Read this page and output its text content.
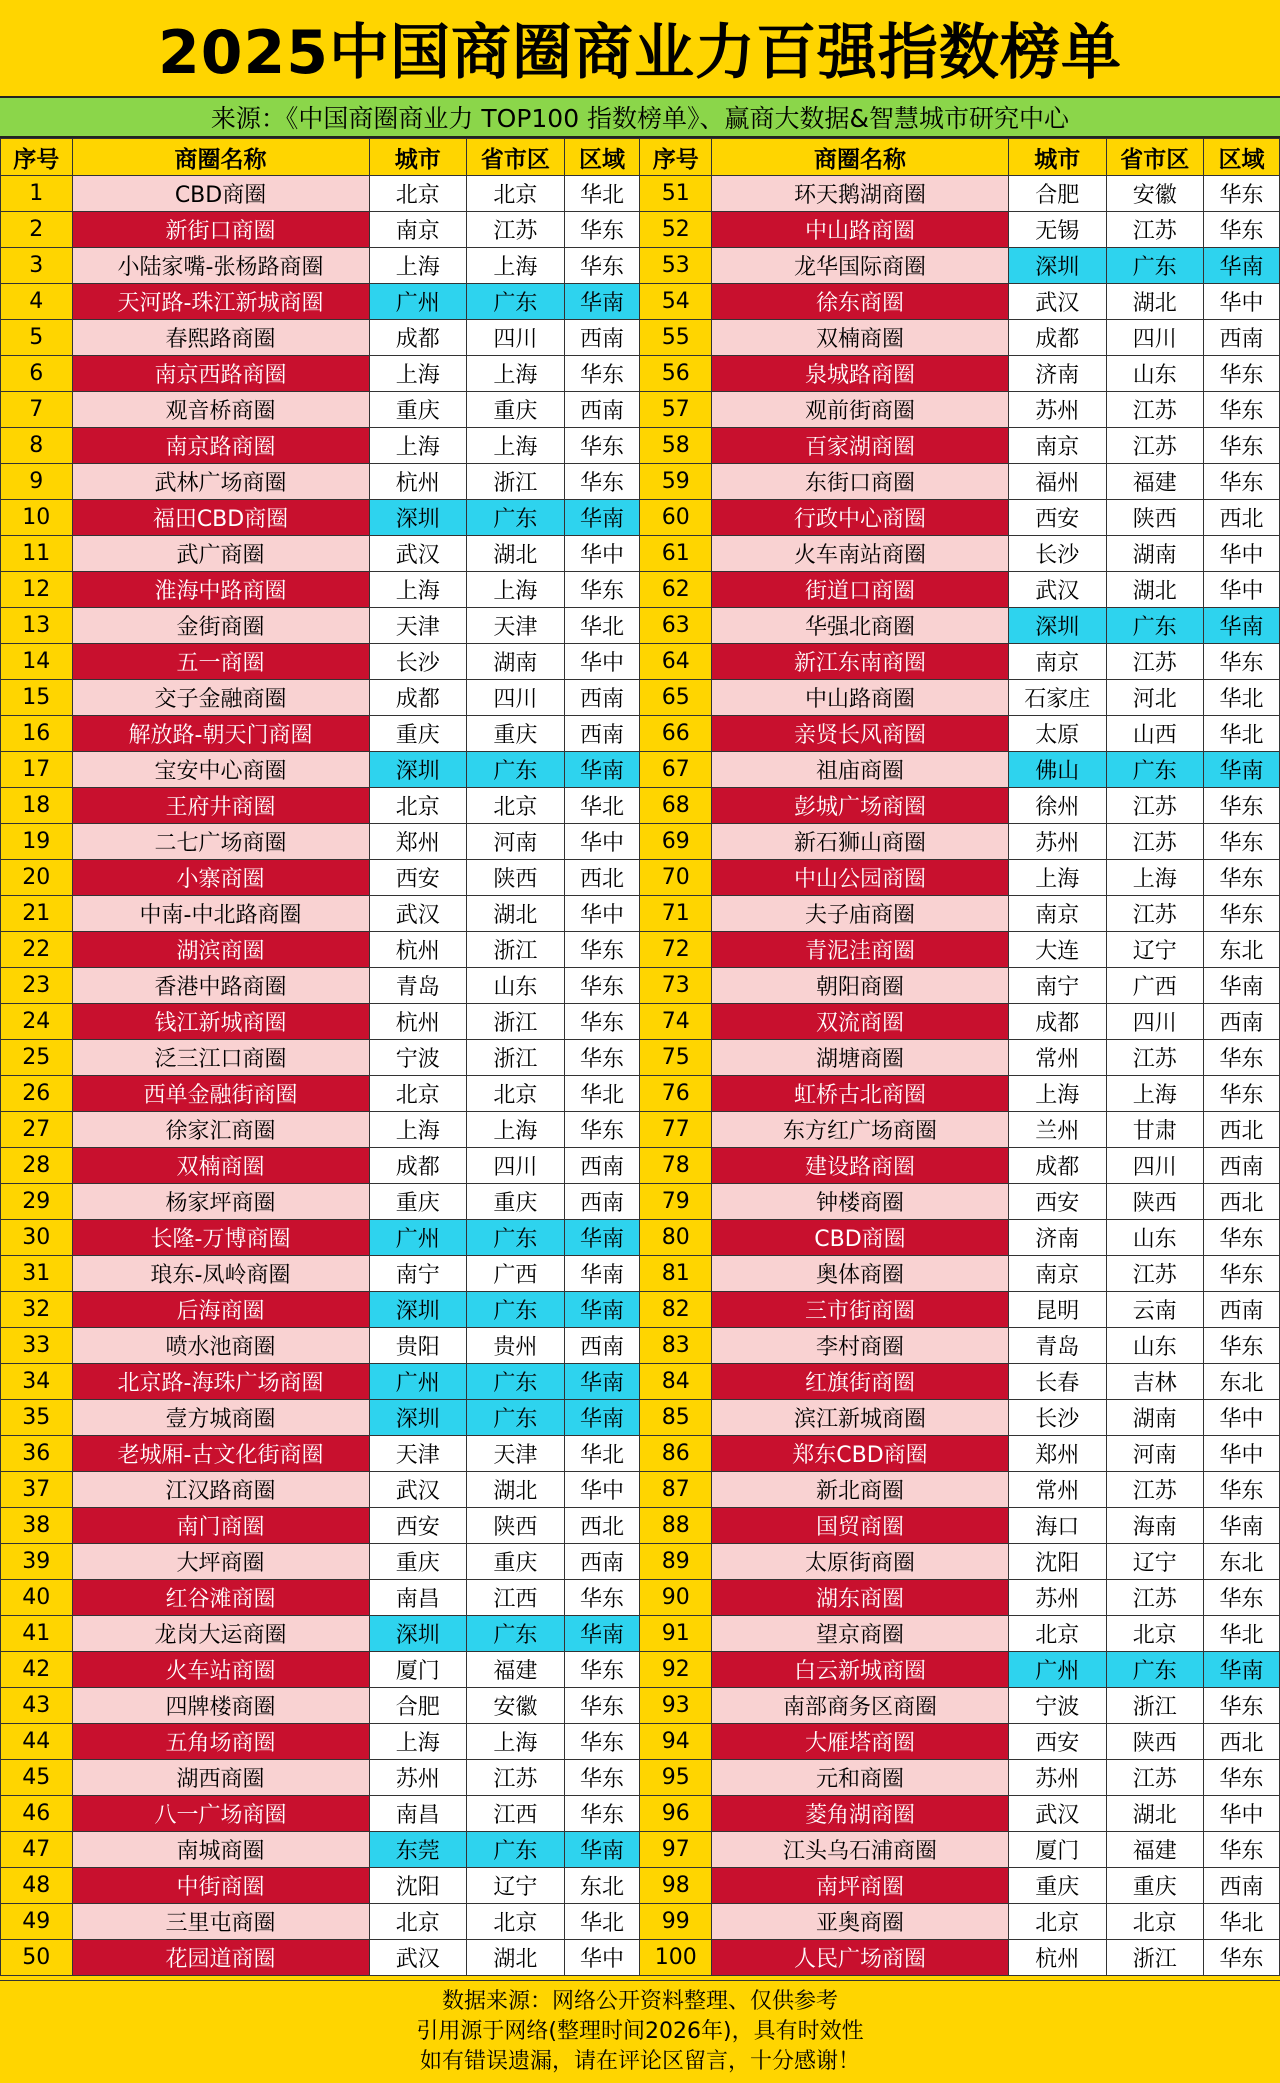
2025中国商圈商业力百强指数榜单
来源：《中国商圈商业力 TOP100 指数榜单》、赢商大数据&智慧城市研究中心
序号	商圈名称	城市	省市区	区域	序号	商圈名称	城市	省市区	区域
1	CBD商圈	北京	北京	华北	51	环天鹅湖商圈	合肥	安徽	华东
2	新街口商圈	南京	江苏	华东	52	中山路商圈	无锡	江苏	华东
3	小陆家嘴-张杨路商圈	上海	上海	华东	53	龙华国际商圈	深圳	广东	华南
4	天河路-珠江新城商圈	广州	广东	华南	54	徐东商圈	武汉	湖北	华中
5	春熙路商圈	成都	四川	西南	55	双楠商圈	成都	四川	西南
6	南京西路商圈	上海	上海	华东	56	泉城路商圈	济南	山东	华东
7	观音桥商圈	重庆	重庆	西南	57	观前街商圈	苏州	江苏	华东
8	南京路商圈	上海	上海	华东	58	百家湖商圈	南京	江苏	华东
9	武林广场商圈	杭州	浙江	华东	59	东街口商圈	福州	福建	华东
10	福田CBD商圈	深圳	广东	华南	60	行政中心商圈	西安	陕西	西北
11	武广商圈	武汉	湖北	华中	61	火车南站商圈	长沙	湖南	华中
12	淮海中路商圈	上海	上海	华东	62	街道口商圈	武汉	湖北	华中
13	金街商圈	天津	天津	华北	63	华强北商圈	深圳	广东	华南
14	五一商圈	长沙	湖南	华中	64	新江东南商圈	南京	江苏	华东
15	交子金融商圈	成都	四川	西南	65	中山路商圈	石家庄	河北	华北
16	解放路-朝天门商圈	重庆	重庆	西南	66	亲贤长风商圈	太原	山西	华北
17	宝安中心商圈	深圳	广东	华南	67	祖庙商圈	佛山	广东	华南
18	王府井商圈	北京	北京	华北	68	彭城广场商圈	徐州	江苏	华东
19	二七广场商圈	郑州	河南	华中	69	新石狮山商圈	苏州	江苏	华东
20	小寨商圈	西安	陕西	西北	70	中山公园商圈	上海	上海	华东
21	中南-中北路商圈	武汉	湖北	华中	71	夫子庙商圈	南京	江苏	华东
22	湖滨商圈	杭州	浙江	华东	72	青泥洼商圈	大连	辽宁	东北
23	香港中路商圈	青岛	山东	华东	73	朝阳商圈	南宁	广西	华南
24	钱江新城商圈	杭州	浙江	华东	74	双流商圈	成都	四川	西南
25	泛三江口商圈	宁波	浙江	华东	75	湖塘商圈	常州	江苏	华东
26	西单金融街商圈	北京	北京	华北	76	虹桥古北商圈	上海	上海	华东
27	徐家汇商圈	上海	上海	华东	77	东方红广场商圈	兰州	甘肃	西北
28	双楠商圈	成都	四川	西南	78	建设路商圈	成都	四川	西南
29	杨家坪商圈	重庆	重庆	西南	79	钟楼商圈	西安	陕西	西北
30	长隆-万博商圈	广州	广东	华南	80	CBD商圈	济南	山东	华东
31	琅东-凤岭商圈	南宁	广西	华南	81	奥体商圈	南京	江苏	华东
32	后海商圈	深圳	广东	华南	82	三市街商圈	昆明	云南	西南
33	喷水池商圈	贵阳	贵州	西南	83	李村商圈	青岛	山东	华东
34	北京路-海珠广场商圈	广州	广东	华南	84	红旗街商圈	长春	吉林	东北
35	壹方城商圈	深圳	广东	华南	85	滨江新城商圈	长沙	湖南	华中
36	老城厢-古文化街商圈	天津	天津	华北	86	郑东CBD商圈	郑州	河南	华中
37	江汉路商圈	武汉	湖北	华中	87	新北商圈	常州	江苏	华东
38	南门商圈	西安	陕西	西北	88	国贸商圈	海口	海南	华南
39	大坪商圈	重庆	重庆	西南	89	太原街商圈	沈阳	辽宁	东北
40	红谷滩商圈	南昌	江西	华东	90	湖东商圈	苏州	江苏	华东
41	龙岗大运商圈	深圳	广东	华南	91	望京商圈	北京	北京	华北
42	火车站商圈	厦门	福建	华东	92	白云新城商圈	广州	广东	华南
43	四牌楼商圈	合肥	安徽	华东	93	南部商务区商圈	宁波	浙江	华东
44	五角场商圈	上海	上海	华东	94	大雁塔商圈	西安	陕西	西北
45	湖西商圈	苏州	江苏	华东	95	元和商圈	苏州	江苏	华东
46	八一广场商圈	南昌	江西	华东	96	菱角湖商圈	武汉	湖北	华中
47	南城商圈	东莞	广东	华南	97	江头乌石浦商圈	厦门	福建	华东
48	中街商圈	沈阳	辽宁	东北	98	南坪商圈	重庆	重庆	西南
49	三里屯商圈	北京	北京	华北	99	亚奥商圈	北京	北京	华北
50	花园道商圈	武汉	湖北	华中	100	人民广场商圈	杭州	浙江	华东
数据来源：网络公开资料整理、仅供参考
引用源于网络(整理时间2026年)，具有时效性
如有错误遗漏，请在评论区留言，十分感谢！
